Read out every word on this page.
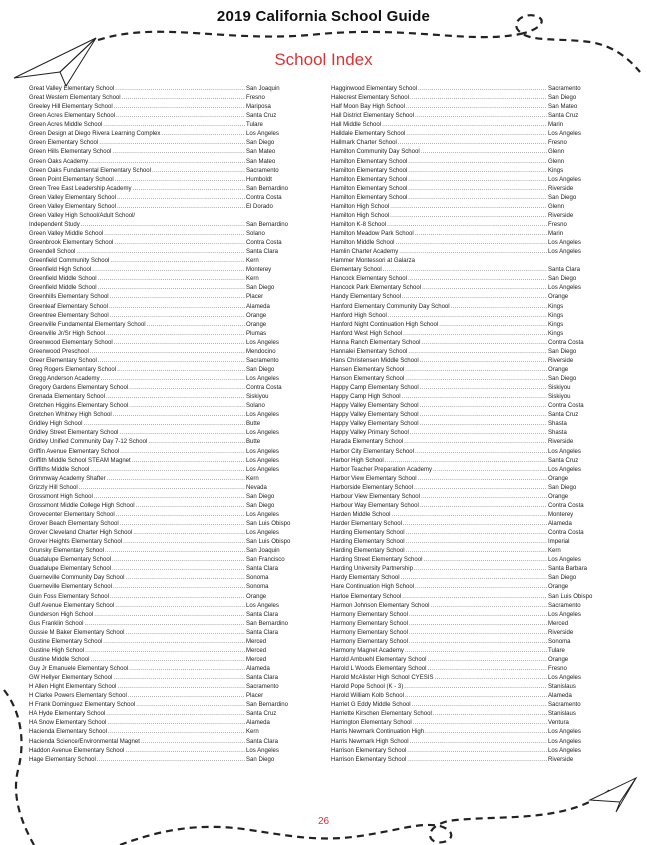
2019 California School Guide
School Index
Great Valley Elementary School .....	San Joaquin
Great Western Elementary School .....	Fresno
Greeley Hill Elementary School .....	Mariposa
Green Acres Elementary School .....	Santa Cruz
Green Acres Middle School .....	Tulare
Green Design at Diego Rivera Learning Complex .....	Los Angeles
Green Elementary School .....	San Diego
Green Hills Elementary School .....	San Mateo
Green Oaks Academy .....	San Mateo
Green Oaks Fundamental Elementary School .....	Sacramento
Green Point Elementary School .....	Humboldt
Green Tree East Leadership Academy .....	San Bernardino
Green Valley Elementary School .....	Contra Costa
Green Valley Elementary School .....	El Dorado
Green Valley High School/Adult School/
Independent Study .....	San Bernardino
Green Valley Middle School .....	Solano
Greenbrook Elementary School .....	Contra Costa
Greendell School .....	Santa Clara
Greenfield Community School .....	Kern
Greenfield High School .....	Monterey
Greenfield Middle School .....	Kern
Greenfield Middle School .....	San Diego
Greenhills Elementary School .....	Placer
Greenleaf Elementary School .....	Alameda
Greentree Elementary School .....	Orange
Greenville Fundamental Elementary School .....	Orange
Greenville Jr/Sr High School .....	Plumas
Greenwood Elementary School .....	Los Angeles
Greenwood Preschool .....	Mendocino
Greer Elementary School .....	Sacramento
Greg Rogers Elementary School .....	San Diego
Gregg Anderson Academy .....	Los Angeles
Gregory Gardens Elementary School .....	Contra Costa
Grenada Elementary School .....	Siskiyou
Gretchen Higgins Elementary School .....	Solano
Gretchen Whitney High School .....	Los Angeles
Gridley High School .....	Butte
Gridley Street Elementary School .....	Los Angeles
Gridley Unified Community Day 7-12 School .....	Butte
Griffin Avenue Elementary School .....	Los Angeles
Griffith Middle School STEAM Magnet .....	Los Angeles
Griffiths Middle School .....	Los Angeles
Grimmway Academy Shafter .....	Kern
Grizzly Hill School .....	Nevada
Grossmont High School .....	San Diego
Grossmont Middle College High School .....	San Diego
Grovecenter Elementary School .....	Los Angeles
Grover Beach Elementary School .....	San Luis Obispo
Grover Cleveland Charter High School .....	Los Angeles
Grover Heights Elementary School .....	San Luis Obispo
Grunsky Elementary School .....	San Joaquin
Guadalupe Elementary School .....	San Francisco
Guadalupe Elementary School .....	Santa Clara
Guerneville Community Day School .....	Sonoma
Guerneville Elementary School .....	Sonoma
Guin Foss Elementary School .....	Orange
Gulf Avenue Elementary School .....	Los Angeles
Gunderson High School .....	Santa Clara
Gus Franklin School .....	San Bernardino
Gussie M Baker Elementary School .....	Santa Clara
Gustine Elementary School .....	Merced
Gustine High School .....	Merced
Gustine Middle School .....	Merced
Guy Jr Emanuele Elementary School .....	Alameda
GW Hellyer Elementary School .....	Santa Clara
H Allen Hight Elementary School .....	Sacramento
H Clarke Powers Elementary School .....	Placer
H Frank Dominguez Elementary School .....	San Bernardino
HA Hyde Elementary School .....	Santa Cruz
HA Snow Elementary School .....	Alameda
Hacienda Elementary School .....	Kern
Hacienda Science/Environmental Magnet .....	Santa Clara
Haddon Avenue Elementary School .....	Los Angeles
Hage Elementary School .....	San Diego
Hagginwood Elementary School .....	Sacramento
Halecrest Elementary School .....	San Diego
Half Moon Bay High School .....	San Mateo
Hall District Elementary School .....	Santa Cruz
Hall Middle School .....	Marin
Halldale Elementary School .....	Los Angeles
Hallmark Charter School .....	Fresno
Hamilton Community Day School .....	Glenn
Hamilton Elementary School .....	Glenn
Hamilton Elementary School .....	Kings
Hamilton Elementary School .....	Los Angeles
Hamilton Elementary School .....	Riverside
Hamilton Elementary School .....	San Diego
Hamilton High School .....	Glenn
Hamilton High School .....	Riverside
Hamilton K-8 School .....	Fresno
Hamilton Meadow Park School .....	Marin
Hamilton Middle School .....	Los Angeles
Hamlin Charter Academy .....	Los Angeles
Hammer Montessori at Galarza
Elementary School .....	Santa Clara
Hancock Elementary School .....	San Diego
Hancock Park Elementary School .....	Los Angeles
Handy Elementary School .....	Orange
Hanford Elementary Community Day School .....	Kings
Hanford High School .....	Kings
Hanford Night Continuation High School .....	Kings
Hanford West High School .....	Kings
Hanna Ranch Elementary School .....	Contra Costa
Hannalei Elementary School .....	San Diego
Hans Christensen Middle School .....	Riverside
Hansen Elementary School .....	Orange
Hanson Elementary School .....	San Diego
Happy Camp Elementary School .....	Siskiyou
Happy Camp High School .....	Siskiyou
Happy Valley Elementary School .....	Contra Costa
Happy Valley Elementary School .....	Santa Cruz
Happy Valley Elementary School .....	Shasta
Happy Valley Primary School .....	Shasta
Harada Elementary School .....	Riverside
Harbor City Elementary School .....	Los Angeles
Harbor High School .....	Santa Cruz
Harbor Teacher Preparation Academy .....	Los Angeles
Harbor View Elementary School .....	Orange
Harborside Elementary School .....	San Diego
Harbour View Elementary School .....	Orange
Harbour Way Elementary School .....	Contra Costa
Harden Middle School .....	Monterey
Harder Elementary School .....	Alameda
Harding Elementary School .....	Contra Costa
Harding Elementary School .....	Imperial
Harding Elementary School .....	Kern
Harding Street Elementary School .....	Los Angeles
Harding University Partnership .....	Santa Barbara
Hardy Elementary School .....	San Diego
Hare Continuation High School .....	Orange
Harloe Elementary School .....	San Luis Obispo
Harmon Johnson Elementary School .....	Sacramento
Harmony Elementary School .....	Los Angeles
Harmony Elementary School .....	Merced
Harmony Elementary School .....	Riverside
Harmony Elementary School .....	Sonoma
Harmony Magnet Academy .....	Tulare
Harold Ambuehl Elementary School .....	Orange
Harold L Woods Elementary School .....	Fresno
Harold McAlister High School CYESIS .....	Los Angeles
Harold Pope School (K - 3) .....	Stanislaus
Harold William Kolb School .....	Alameda
Harriet G Eddy Middle School .....	Sacramento
Harriette Kirschen Elementary School .....	Stanislaus
Harrington Elementary School .....	Ventura
Harris Newmark Continuation High .....	Los Angeles
Harris Newmark High School .....	Los Angeles
Harrison Elementary School .....	Los Angeles
Harrison Elementary School .....	Riverside
26
